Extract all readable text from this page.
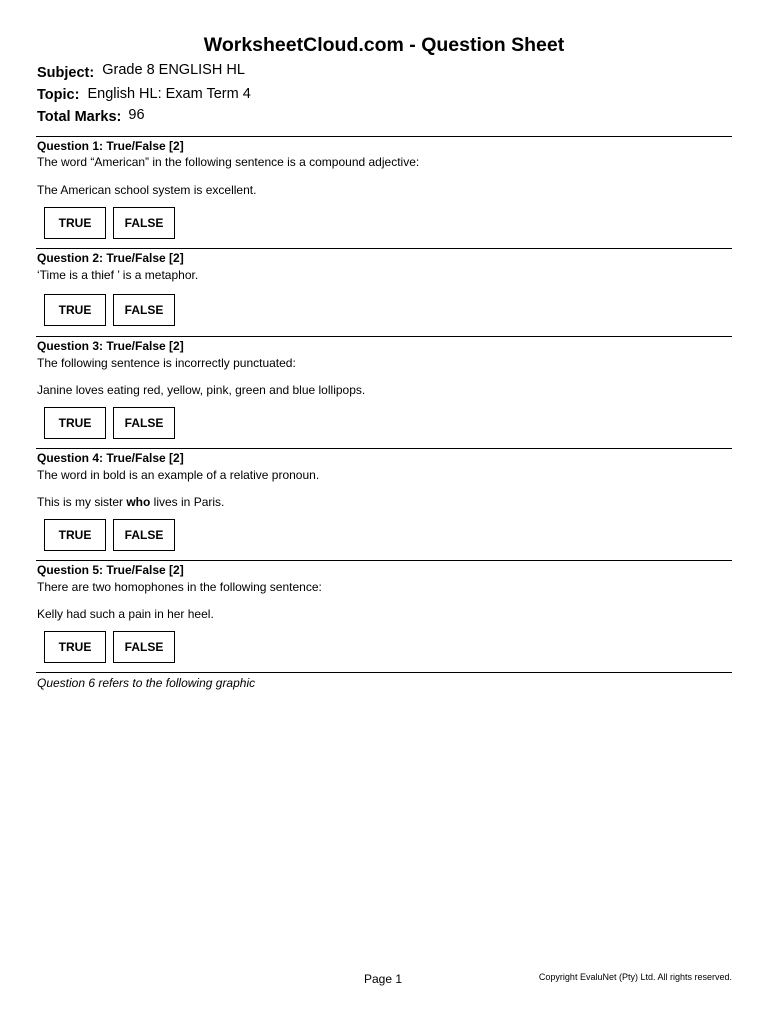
WorksheetCloud.com - Question Sheet
Subject: Grade 8 ENGLISH HL
Topic: English HL: Exam Term 4
Total Marks: 96
Question 1: True/False [2]
The word “American” in the following sentence is a compound adjective:
The American school system is excellent.
TRUE	FALSE
Question 2: True/False [2]
‘Time is a thief ’ is a metaphor.
TRUE	FALSE
Question 3: True/False [2]
The following sentence is incorrectly punctuated:
Janine loves eating red, yellow, pink, green and blue lollipops.
TRUE	FALSE
Question 4: True/False [2]
The word in bold is an example of a relative pronoun.
This is my sister who lives in Paris.
TRUE	FALSE
Question 5: True/False [2]
There are two homophones in the following sentence:
Kelly had such a pain in her heel.
TRUE	FALSE
Question 6 refers to the following graphic
Page 1	Copyright EvaluNet (Pty) Ltd. All rights reserved.
